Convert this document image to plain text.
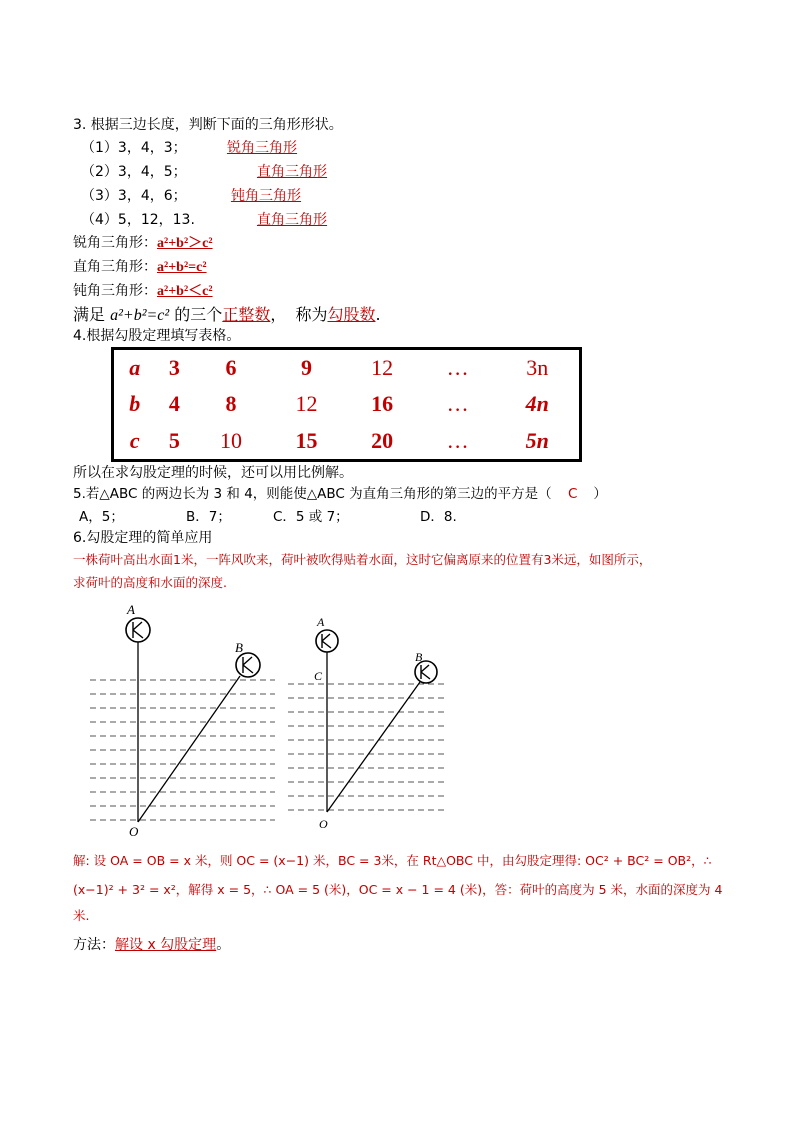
3. 根据三边长度，判断下面的三角形形状。
（1）3，4，3；	锐角三角形
（2）3，4，5；	直角三角形
（3）3，4，6；	钝角三角形
（4）5，12，13.	直角三角形
锐角三角形：a²+b²＞c²
直角三角形：a²+b²=c²
钝角三角形：a²+b²＜c²
满足 a²+b²=c² 的三个正整数， 称为勾股数.
4.根据勾股定理填写表格。
a	3	6	9	12	…	3n
b	4	8	12	16	…	4n
c	5	10	15	20	…	5n
所以在求勾股定理的时候，还可以用比例解。
5.若△ABC 的两边长为 3 和 4，则能使△ABC 为直角三角形的第三边的平方是（ C ）
A，5；	B．7；	C．5 或 7；	D．8.
6.勾股定理的简单应用
一株荷叶高出水面1米，一阵风吹来，荷叶被吹得贴着水面，这时它偏离原来的位置有3米远，如图所示，
求荷叶的高度和水面的深度.
A
B
O
A
B
C
O
解: 设 OA = OB = x 米，则 OC = (x−1) 米，BC = 3米，在 Rt△OBC 中，由勾股定理得: OC² + BC² = OB²，∴
(x−1)² + 3² = x²，解得 x = 5，∴ OA = 5 (米)，OC = x − 1 = 4 (米)，答：荷叶的高度为 5 米，水面的深度为 4
米.
方法：解设 x 勾股定理。
